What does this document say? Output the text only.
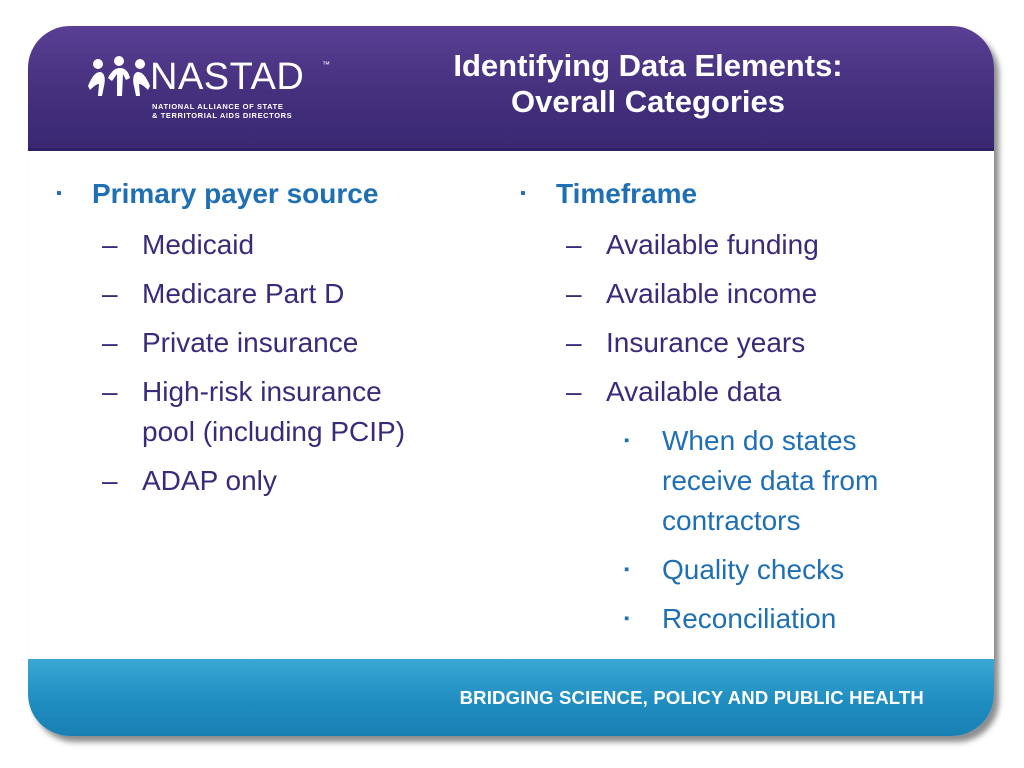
NASTAD ™
NATIONAL ALLIANCE OF STATE
& TERRITORIAL AIDS DIRECTORS
Identifying Data Elements:
Overall Categories
▪ Primary payer source
– Medicaid
– Medicare Part D
– Private insurance
– High-risk insurance pool (including PCIP)
– ADAP only
▪ Timeframe
– Available funding
– Available income
– Insurance years
– Available data
▪ When do states receive data from contractors
▪ Quality checks
▪ Reconciliation
BRIDGING SCIENCE, POLICY AND PUBLIC HEALTH
